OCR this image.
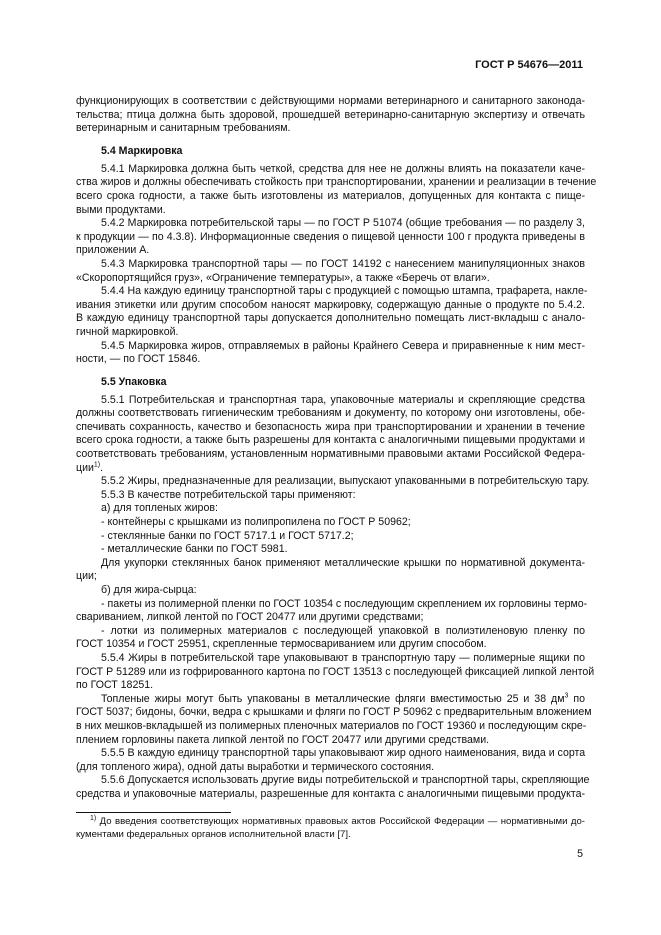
ГОСТ Р 54676—2011
функционирующих в соответствии с действующими нормами ветеринарного и санитарного законода-
тельства; птица должна быть здоровой, прошедшей ветеринарно-санитарную экспертизу и отвечать
ветеринарным и санитарным требованиям.
5.4 Маркировка
5.4.1 Маркировка должна быть четкой, средства для нее не должны влиять на показатели каче-
ства жиров и должны обеспечивать стойкость при транспортировании, хранении и реализации в течение
всего срока годности, а также быть изготовлены из материалов, допущенных для контакта с пище-
выми продуктами.
5.4.2 Маркировка потребительской тары — по ГОСТ Р 51074 (общие требования — по разделу 3,
к продукции — по 4.3.8). Информационные сведения о пищевой ценности 100 г продукта приведены в
приложении А.
5.4.3 Маркировка транспортной тары — по ГОСТ 14192 с нанесением манипуляционных знаков
«Скоропортящийся груз», «Ограничение температуры», а также «Беречь от влаги».
5.4.4 На каждую единицу транспортной тары с продукцией с помощью штампа, трафарета, накле-
ивания этикетки или другим способом наносят маркировку, содержащую данные о продукте по 5.4.2.
В каждую единицу транспортной тары допускается дополнительно помещать лист-вкладыш с анало-
гичной маркировкой.
5.4.5 Маркировка жиров, отправляемых в районы Крайнего Севера и приравненные к ним мест-
ности, — по ГОСТ 15846.
5.5 Упаковка
5.5.1 Потребительская и транспортная тара, упаковочные материалы и скрепляющие средства
должны соответствовать гигиеническим требованиям и документу, по которому они изготовлены, обе-
спечивать сохранность, качество и безопасность жира при транспортировании и хранении в течение
всего срока годности, а также быть разрешены для контакта с аналогичными пищевыми продуктами и
соответствовать требованиям, установленным нормативными правовыми актами Российской Федера-
ции$^{1)}$.
5.5.2 Жиры, предназначенные для реализации, выпускают упакованными в потребительскую тару.
5.5.3 В качестве потребительской тары применяют:
а) для топленых жиров:
- контейнеры с крышками из полипропилена по ГОСТ Р 50962;
- стеклянные банки по ГОСТ 5717.1 и ГОСТ 5717.2;
- металлические банки по ГОСТ 5981.
Для укупорки стеклянных банок применяют металлические крышки по нормативной документа-
ции;
б) для жира-сырца:
- пакеты из полимерной пленки по ГОСТ 10354 с последующим скреплением их горловины термо-
свариванием, липкой лентой по ГОСТ 20477 или другими средствами;
- лотки из полимерных материалов с последующей упаковкой в полиэтиленовую пленку по
ГОСТ 10354 и ГОСТ 25951, скрепленные термосвариванием или другим способом.
5.5.4 Жиры в потребительской таре упаковывают в транспортную тару — полимерные ящики по
ГОСТ Р 51289 или из гофрированного картона по ГОСТ 13513 с последующей фиксацией липкой лентой
по ГОСТ 18251.
Топленые жиры могут быть упакованы в металлические фляги вместимостью 25 и 38 $дм^3$ по
ГОСТ 5037; бидоны, бочки, ведра с крышками и фляги по ГОСТ Р 50962 с предварительным вложением
в них мешков-вкладышей из полимерных пленочных материалов по ГОСТ 19360 и последующим скре-
плением горловины пакета липкой лентой по ГОСТ 20477 или другими средствами.
5.5.5 В каждую единицу транспортной тары упаковывают жир одного наименования, вида и сорта
(для топленого жира), одной даты выработки и термического состояния.
5.5.6 Допускается использовать другие виды потребительской и транспортной тары, скрепляющие
средства и упаковочные материалы, разрешенные для контакта с аналогичными пищевыми продукта-
$^{1)}$ До введения соответствующих нормативных правовых актов Российской Федерации — нормативными до-
кументами федеральных органов исполнительной власти [7].
5
